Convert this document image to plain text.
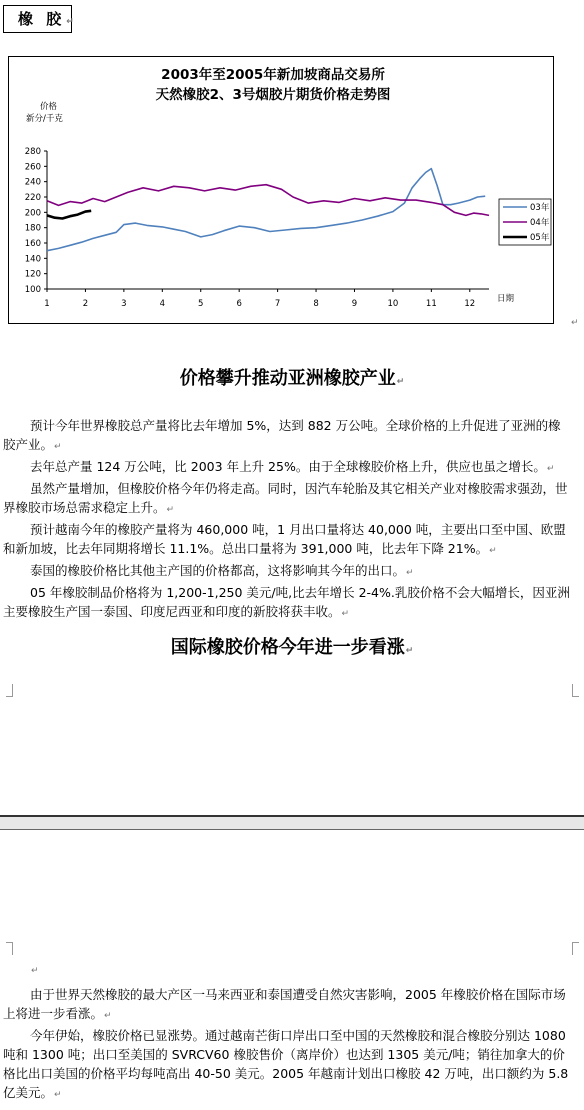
橡 胶↵
2003年至2005年新加坡商品交易所
天然橡胶2、3号烟胶片期货价格走势图
价格
新分/千克
日期
100
120
140
160
180
200
220
240
260
280
1	2	3	4	5	6	7	8	9	10	11	12
03年
04年
05年
↵
价格攀升推动亚洲橡胶产业↵

预计今年世界橡胶总产量将比去年增加 5%，达到 882 万公吨。全球价格的上升促进了亚洲的橡胶产业。↵

去年总产量 124 万公吨，比 2003 年上升 25%。由于全球橡胶价格上升，供应也虽之增长。↵

虽然产量增加，但橡胶价格今年仍将走高。同时，因汽车轮胎及其它相关产业对橡胶需求强劲，世界橡胶市场总需求稳定上升。↵

预计越南今年的橡胶产量将为 460,000 吨，1 月出口量将达 40,000 吨，主要出口至中国、欧盟和新加坡，比去年同期将增长 11.1%。总出口量将为 391,000 吨，比去年下降 21%。↵

泰国的橡胶价格比其他主产国的价格都高，这将影响其今年的出口。↵

05 年橡胶制品价格将为 1,200-1,250 美元/吨,比去年增长 2-4%.乳胶价格不会大幅增长，因亚洲主要橡胶生产国一泰国、印度尼西亚和印度的新胶将获丰收。↵

国际橡胶价格今年进一步看涨↵
↵

由于世界天然橡胶的最大产区一马来西亚和泰国遭受自然灾害影响，2005 年橡胶价格在国际市场上将进一步看涨。↵

今年伊始，橡胶价格已显涨势。通过越南芒街口岸出口至中国的天然橡胶和混合橡胶分别达 1080 吨和 1300 吨；出口至美国的 SVRCV60 橡胶售价（离岸价）也达到 1305 美元/吨；销往加拿大的价格比出口美国的价格平均每吨高出 40-50 美元。2005 年越南计划出口橡胶 42 万吨，出口额约为 5.8 亿美元。↵
